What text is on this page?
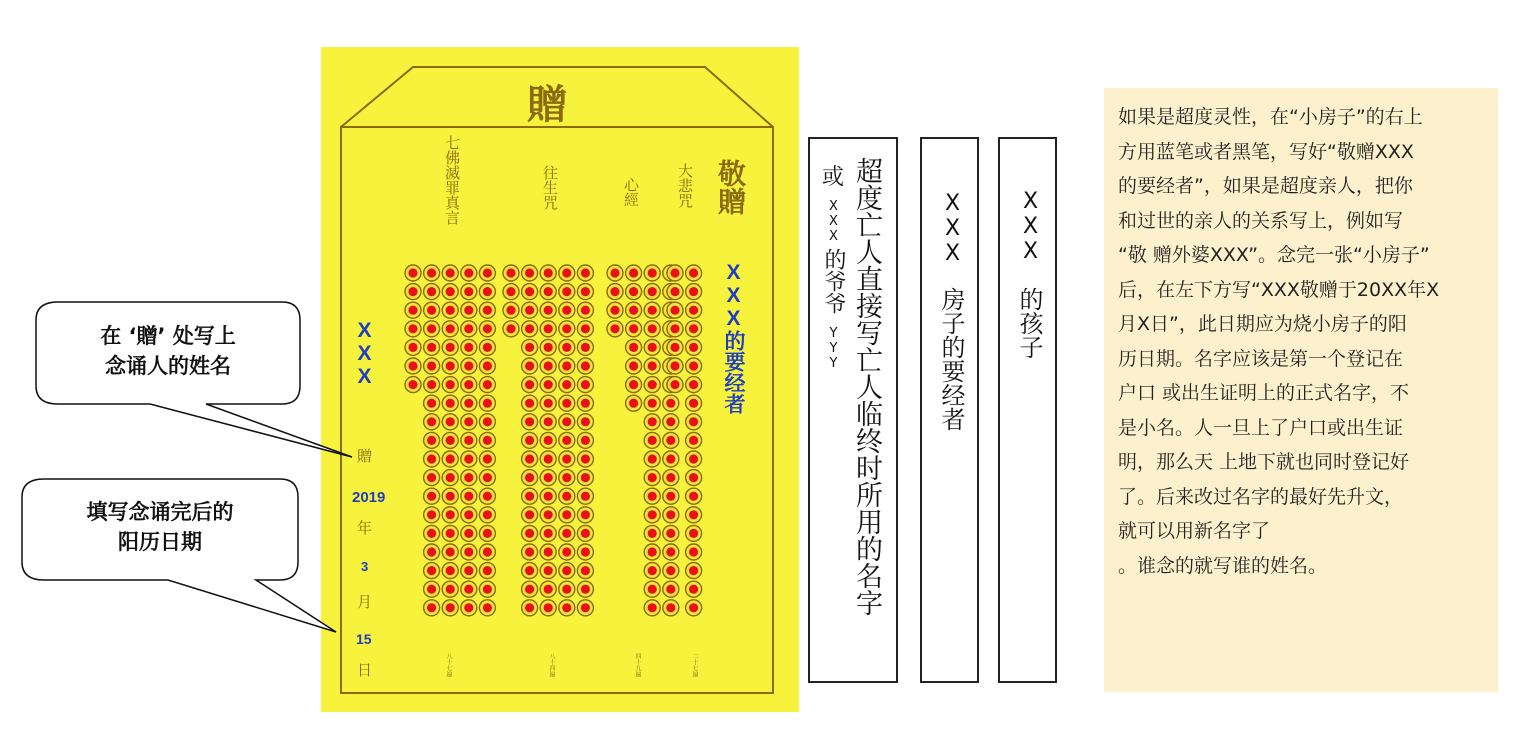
贈
七佛滅罪真言	往生咒	心經 大悲咒
八十七遍	八十四遍	四十九遍	二十七遍
敬贈
XXX的要经者
XXX
贈
2019
年
3
月
15
日
在 ‘贈’ 处写上
念诵人的姓名
填写念诵完后的
阳历日期	超度亡人直接写亡人临终时所用的名字
或
XXX 的爷爷 YYY
XXX
房子的要经者
XXX
的孩子

如果是超度灵性，在“小房子”的右上

方用蓝笔或者黑笔，写好“敬赠XXX

的要经者”，如果是超度亲人，把你

和过世的亲人的关系写上，例如写

“敬 赠外婆XXX”。念完一张“小房子”

后，在左下方写“XXX敬赠于20XX年X

月X日”，此日期应为烧小房子的阳

历日期。名字应该是第一个登记在

户口 或出生证明上的正式名字，不

是小名。人一旦上了户口或出生证

明，那么天 上地下就也同时登记好

了。后来改过名字的最好先升文，

就可以用新名字了

。谁念的就写谁的姓名。
